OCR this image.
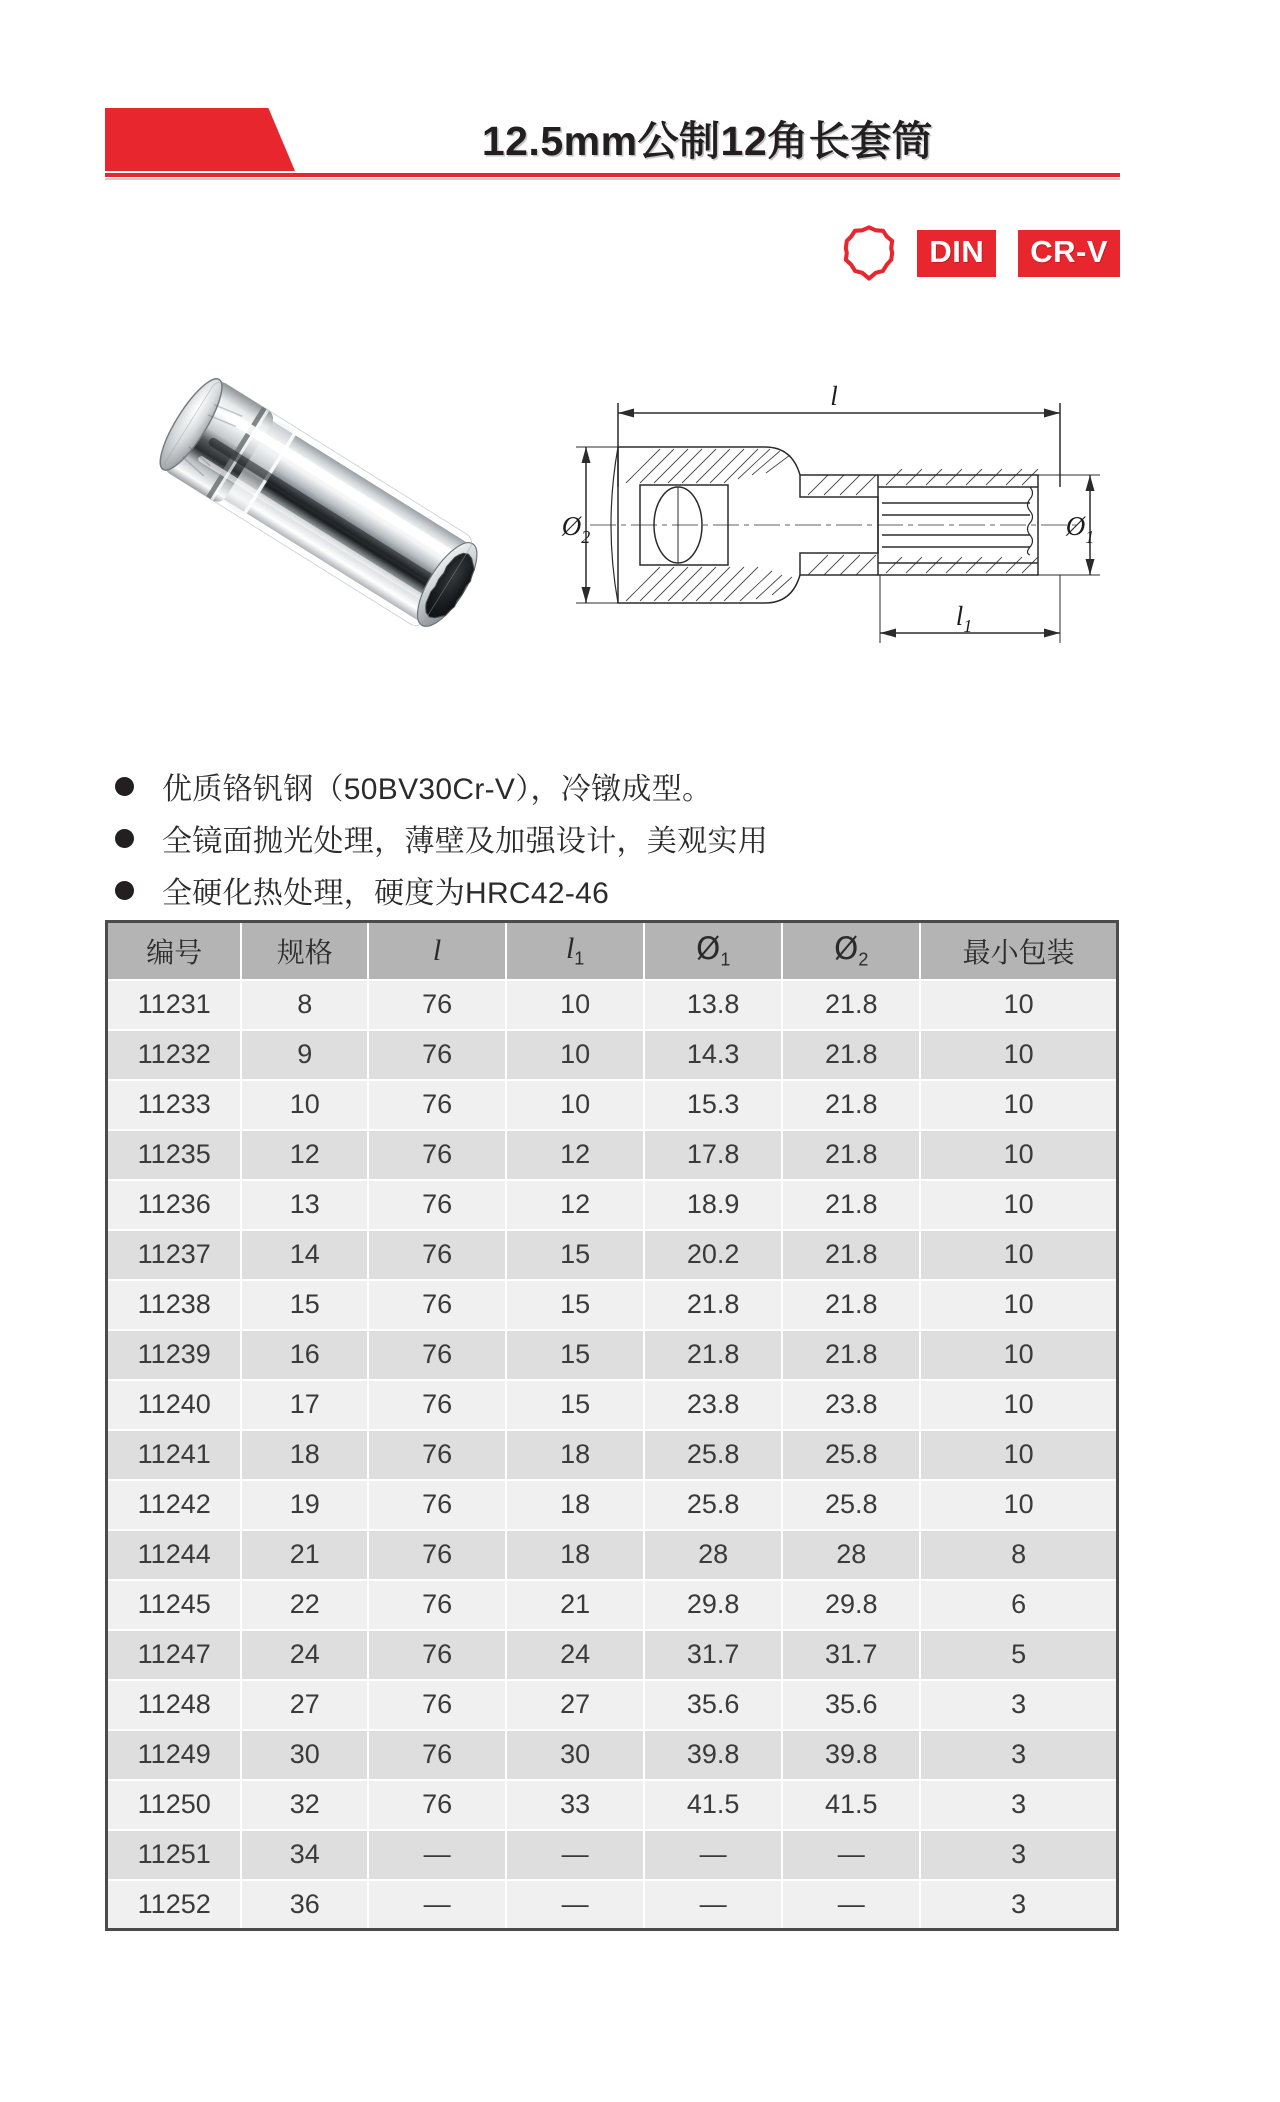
12.5mm公制12角长套筒
DIN	CR-V
l
$l_1$
$Ø_1$
$Ø_2$
优质铬钒钢（50BV30Cr-V），冷镦成型。
全镜面抛光处理，薄壁及加强设计，美观实用
全硬化热处理，硬度为HRC42-46
编号	规格	l	$l_1$	$Ø_1$	$Ø_2$	最小包装
11231	8	76	10	13.8	21.8	10
11232	9	76	10	14.3	21.8	10
11233	10	76	10	15.3	21.8	10
11235	12	76	12	17.8	21.8	10
11236	13	76	12	18.9	21.8	10
11237	14	76	15	20.2	21.8	10
11238	15	76	15	21.8	21.8	10
11239	16	76	15	21.8	21.8	10
11240	17	76	15	23.8	23.8	10
11241	18	76	18	25.8	25.8	10
11242	19	76	18	25.8	25.8	10
11244	21	76	18	28	28	8
11245	22	76	21	29.8	29.8	6
11247	24	76	24	31.7	31.7	5
11248	27	76	27	35.6	35.6	3
11249	30	76	30	39.8	39.8	3
11250	32	76	33	41.5	41.5	3
11251	34	—	—	—	—	3
11252	36	—	—	—	—	3
